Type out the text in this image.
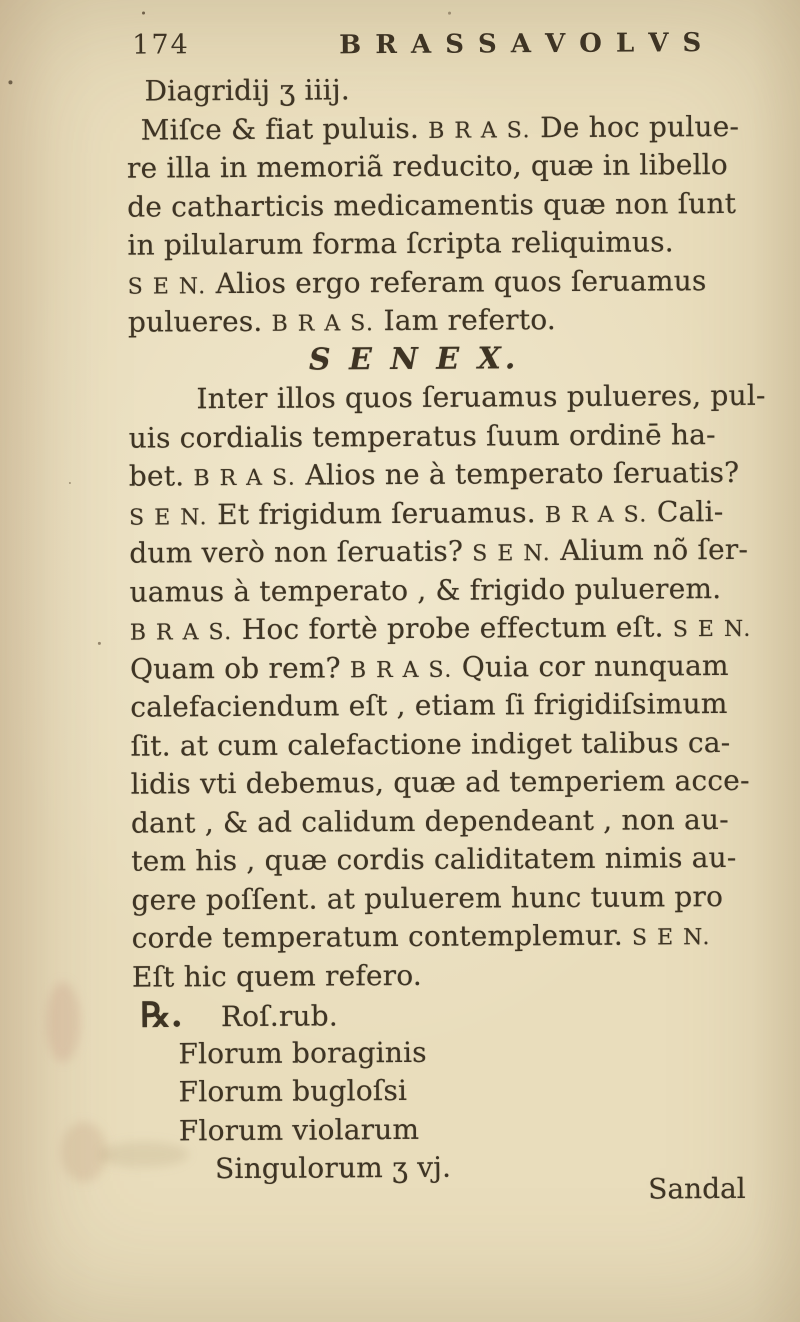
174	B R A S S A V O L V S
Diagridij ʒ iiij.
Miſce & fiat puluis. B R A S. De hoc pulue-
re illa in memoriã reducito, quæ in libello
de catharticis medicamentis quæ non ſunt
in pilularum forma ſcripta reliquimus.
S E N. Alios ergo referam quos ſeruamus
pulueres. B R A S. Iam referto.
S E N E X.
Inter illos quos ſeruamus pulueres, pul-
uis cordialis temperatus ſuum ordinē ha-
bet. B R A S. Alios ne à temperato ſeruatis?
S E N. Et frigidum ſeruamus. B R A S. Cali-
dum verò non ſeruatis? S E N. Alium nõ ſer-
uamus à temperato , & frigido puluerem.
B R A S. Hoc fortè probe effectum eſt. S E N.
Quam ob rem? B R A S. Quia cor nunquam
calefaciendum eſt , etiam ſi frigidiſsimum
ſit. at cum calefactione indiget talibus ca-
lidis vti debemus, quæ ad temperiem acce-
dant , & ad calidum dependeant , non au-
tem his , quæ cordis caliditatem nimis au-
gere poſſent. at puluerem hunc tuum pro
corde temperatum contemplemur. S E N.
Eſt hic quem refero.
℞. Roſ.rub.
Florum boraginis
Florum bugloſsi
Florum violarum
Singulorum ʒ vj.
Sandal
